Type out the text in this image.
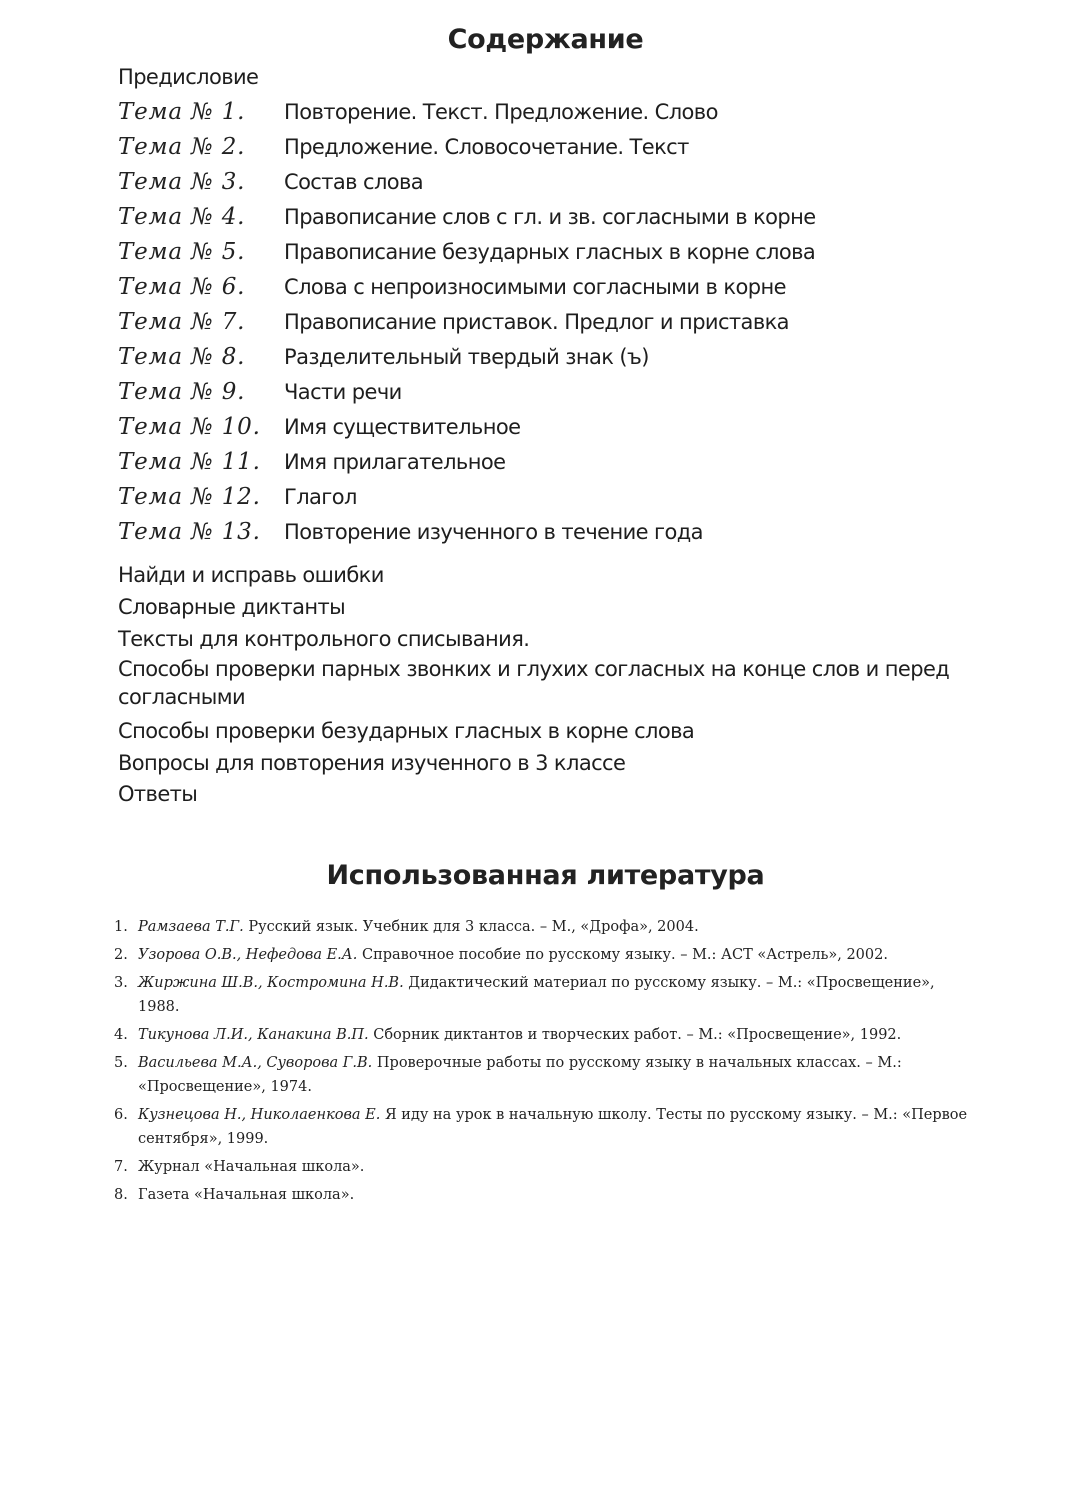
Содержание
Предисловие
Тема № 1.	Повторение. Текст. Предложение. Слово
Тема № 2.	Предложение. Словосочетание. Текст
Тема № 3.	Состав слова
Тема № 4.	Правописание слов с гл. и зв. согласными в корне
Тема № 5.	Правописание безударных гласных в корне слова
Тема № 6.	Слова с непроизносимыми согласными в корне
Тема № 7.	Правописание приставок. Предлог и приставка
Тема № 8.	Разделительный твердый знак (ъ)
Тема № 9.	Части речи
Тема № 10.	Имя существительное
Тема № 11.	Имя прилагательное
Тема № 12.	Глагол
Тема № 13.	Повторение изученного в течение года
Найди и исправь ошибки
Словарные диктанты
Тексты для контрольного списывания.
Способы проверки парных звонких и глухих согласных на конце слов и перед согласными
Способы проверки безударных гласных в корне слова
Вопросы для повторения изученного в 3 классе
Ответы
Использованная литература
1. Рамзаева Т.Г. Русский язык. Учебник для 3 класса. – М., «Дрофа», 2004.
2. Узорова О.В., Нефедова Е.А. Справочное пособие по русскому языку. – М.: АСТ «Астрель», 2002.
3. Жиржина Ш.В., Костромина Н.В. Дидактический материал по русскому языку. – М.: «Просвещение», 1988.
4. Тикунова Л.И., Канакина В.П. Сборник диктантов и творческих работ. – М.: «Просвещение», 1992.
5. Васильева М.А., Суворова Г.В. Проверочные работы по русскому языку в начальных классах. – М.: «Просвещение», 1974.
6. Кузнецова Н., Николаенкова Е. Я иду на урок в начальную школу. Тесты по русскому языку. – М.: «Первое сентября», 1999.
7. Журнал «Начальная школа».
8. Газета «Начальная школа».
